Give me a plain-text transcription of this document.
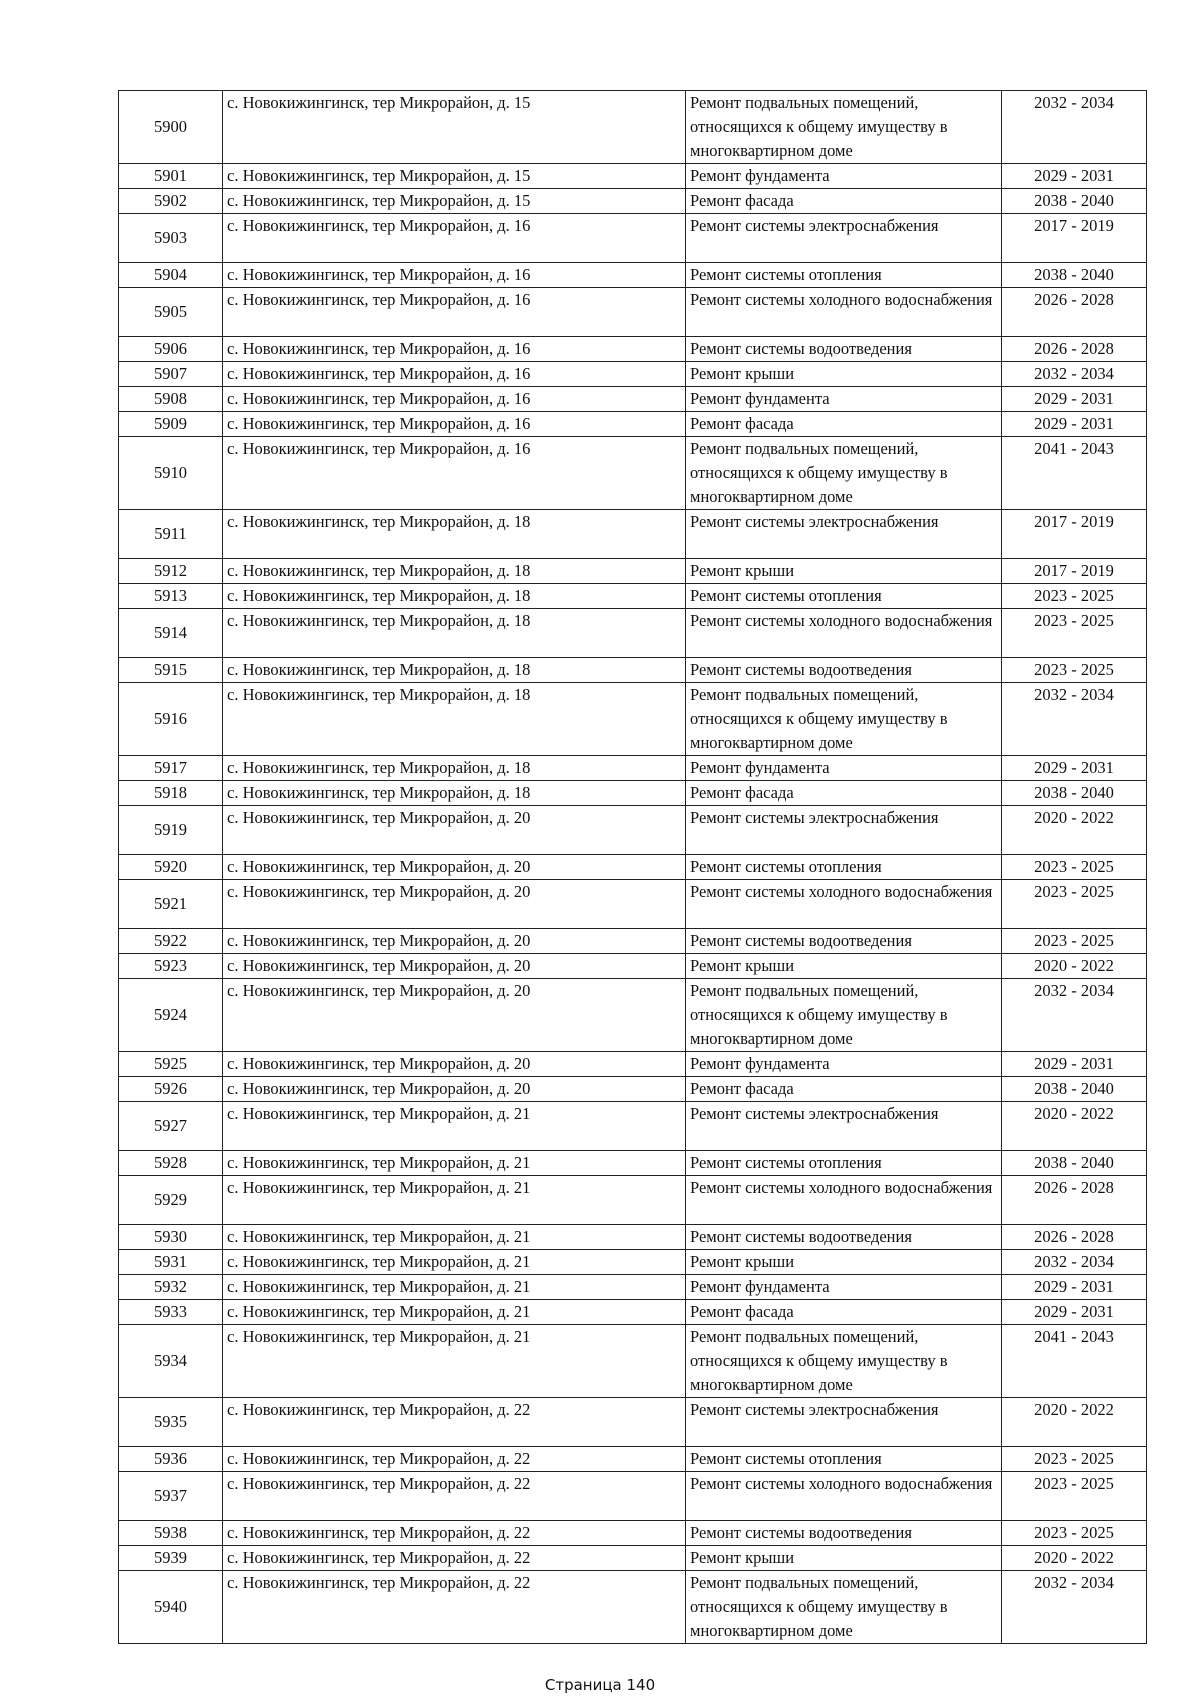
5900	с. Новокижингинск, тер Микрорайон, д. 15	Ремонт подвальных помещений, относящихся к общему имуществу в многоквартирном доме	2032 - 2034
5901	с. Новокижингинск, тер Микрорайон, д. 15	Ремонт фундамента	2029 - 2031
5902	с. Новокижингинск, тер Микрорайон, д. 15	Ремонт фасада	2038 - 2040
5903	с. Новокижингинск, тер Микрорайон, д. 16	Ремонт системы электроснабжения	2017 - 2019
5904	с. Новокижингинск, тер Микрорайон, д. 16	Ремонт системы отопления	2038 - 2040
5905	с. Новокижингинск, тер Микрорайон, д. 16	Ремонт системы холодного водоснабжения	2026 - 2028
5906	с. Новокижингинск, тер Микрорайон, д. 16	Ремонт системы водоотведения	2026 - 2028
5907	с. Новокижингинск, тер Микрорайон, д. 16	Ремонт крыши	2032 - 2034
5908	с. Новокижингинск, тер Микрорайон, д. 16	Ремонт фундамента	2029 - 2031
5909	с. Новокижингинск, тер Микрорайон, д. 16	Ремонт фасада	2029 - 2031
5910	с. Новокижингинск, тер Микрорайон, д. 16	Ремонт подвальных помещений, относящихся к общему имуществу в многоквартирном доме	2041 - 2043
5911	с. Новокижингинск, тер Микрорайон, д. 18	Ремонт системы электроснабжения	2017 - 2019
5912	с. Новокижингинск, тер Микрорайон, д. 18	Ремонт крыши	2017 - 2019
5913	с. Новокижингинск, тер Микрорайон, д. 18	Ремонт системы отопления	2023 - 2025
5914	с. Новокижингинск, тер Микрорайон, д. 18	Ремонт системы холодного водоснабжения	2023 - 2025
5915	с. Новокижингинск, тер Микрорайон, д. 18	Ремонт системы водоотведения	2023 - 2025
5916	с. Новокижингинск, тер Микрорайон, д. 18	Ремонт подвальных помещений, относящихся к общему имуществу в многоквартирном доме	2032 - 2034
5917	с. Новокижингинск, тер Микрорайон, д. 18	Ремонт фундамента	2029 - 2031
5918	с. Новокижингинск, тер Микрорайон, д. 18	Ремонт фасада	2038 - 2040
5919	с. Новокижингинск, тер Микрорайон, д. 20	Ремонт системы электроснабжения	2020 - 2022
5920	с. Новокижингинск, тер Микрорайон, д. 20	Ремонт системы отопления	2023 - 2025
5921	с. Новокижингинск, тер Микрорайон, д. 20	Ремонт системы холодного водоснабжения	2023 - 2025
5922	с. Новокижингинск, тер Микрорайон, д. 20	Ремонт системы водоотведения	2023 - 2025
5923	с. Новокижингинск, тер Микрорайон, д. 20	Ремонт крыши	2020 - 2022
5924	с. Новокижингинск, тер Микрорайон, д. 20	Ремонт подвальных помещений, относящихся к общему имуществу в многоквартирном доме	2032 - 2034
5925	с. Новокижингинск, тер Микрорайон, д. 20	Ремонт фундамента	2029 - 2031
5926	с. Новокижингинск, тер Микрорайон, д. 20	Ремонт фасада	2038 - 2040
5927	с. Новокижингинск, тер Микрорайон, д. 21	Ремонт системы электроснабжения	2020 - 2022
5928	с. Новокижингинск, тер Микрорайон, д. 21	Ремонт системы отопления	2038 - 2040
5929	с. Новокижингинск, тер Микрорайон, д. 21	Ремонт системы холодного водоснабжения	2026 - 2028
5930	с. Новокижингинск, тер Микрорайон, д. 21	Ремонт системы водоотведения	2026 - 2028
5931	с. Новокижингинск, тер Микрорайон, д. 21	Ремонт крыши	2032 - 2034
5932	с. Новокижингинск, тер Микрорайон, д. 21	Ремонт фундамента	2029 - 2031
5933	с. Новокижингинск, тер Микрорайон, д. 21	Ремонт фасада	2029 - 2031
5934	с. Новокижингинск, тер Микрорайон, д. 21	Ремонт подвальных помещений, относящихся к общему имуществу в многоквартирном доме	2041 - 2043
5935	с. Новокижингинск, тер Микрорайон, д. 22	Ремонт системы электроснабжения	2020 - 2022
5936	с. Новокижингинск, тер Микрорайон, д. 22	Ремонт системы отопления	2023 - 2025
5937	с. Новокижингинск, тер Микрорайон, д. 22	Ремонт системы холодного водоснабжения	2023 - 2025
5938	с. Новокижингинск, тер Микрорайон, д. 22	Ремонт системы водоотведения	2023 - 2025
5939	с. Новокижингинск, тер Микрорайон, д. 22	Ремонт крыши	2020 - 2022
5940	с. Новокижингинск, тер Микрорайон, д. 22	Ремонт подвальных помещений, относящихся к общему имуществу в многоквартирном доме	2032 - 2034
Страница 140
